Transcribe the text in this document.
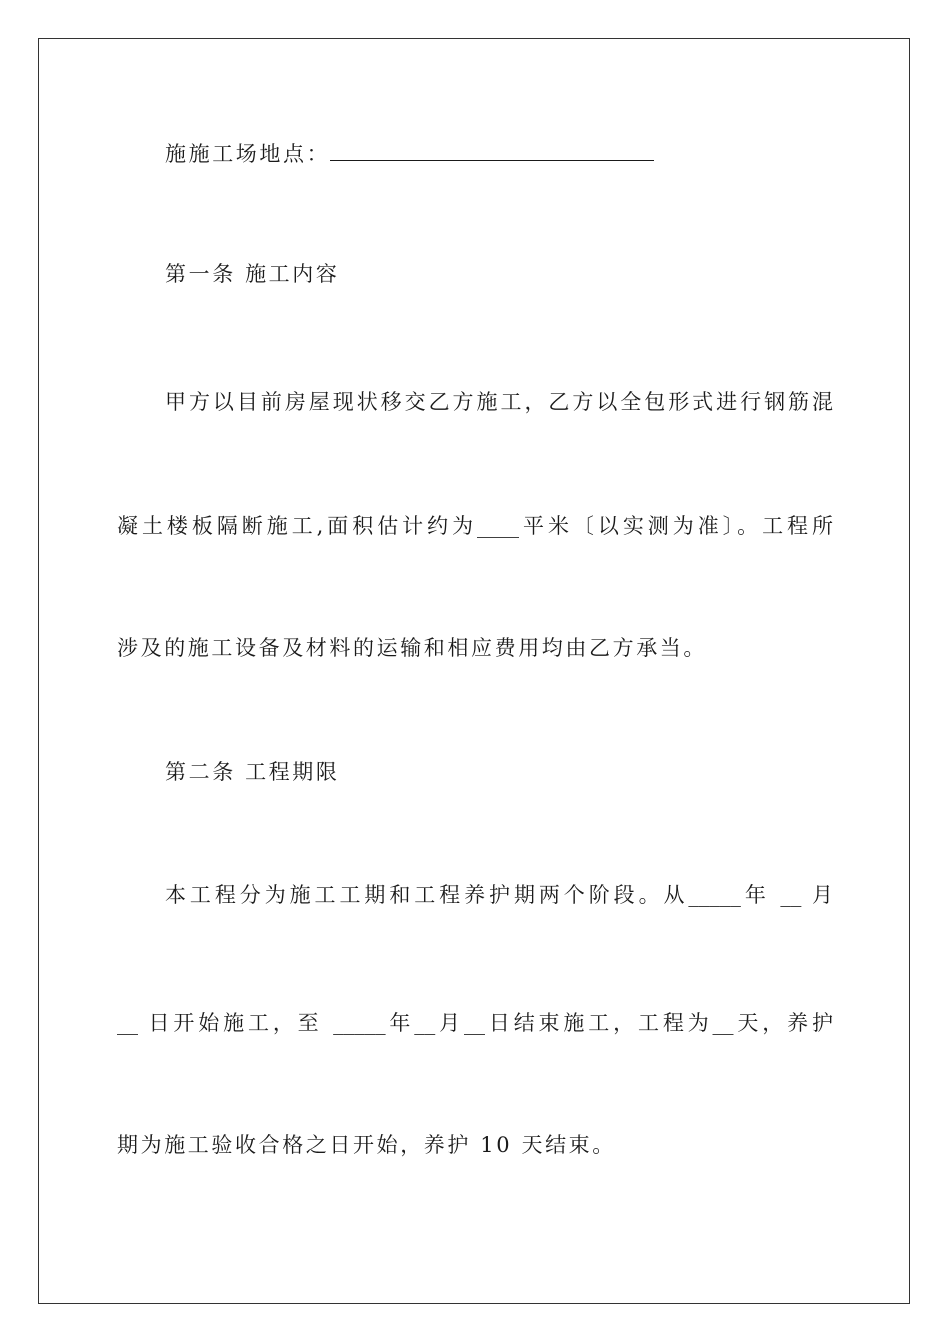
施施工场地点：
第一条 施工内容
甲方以目前房屋现状移交乙方施工，乙方以全包形式进行钢筋混
凝土楼板隔断施工,面积估计约为____平米〔以实测为准〕。工程所
涉及的施工设备及材料的运输和相应费用均由乙方承当。
第二条 工程期限
本工程分为施工工期和工程养护期两个阶段。从_____年 __ 月
__ 日开始施工，至 _____年__月__日结束施工，工程为__天，养护
期为施工验收合格之日开始，养护 10 天结束。
